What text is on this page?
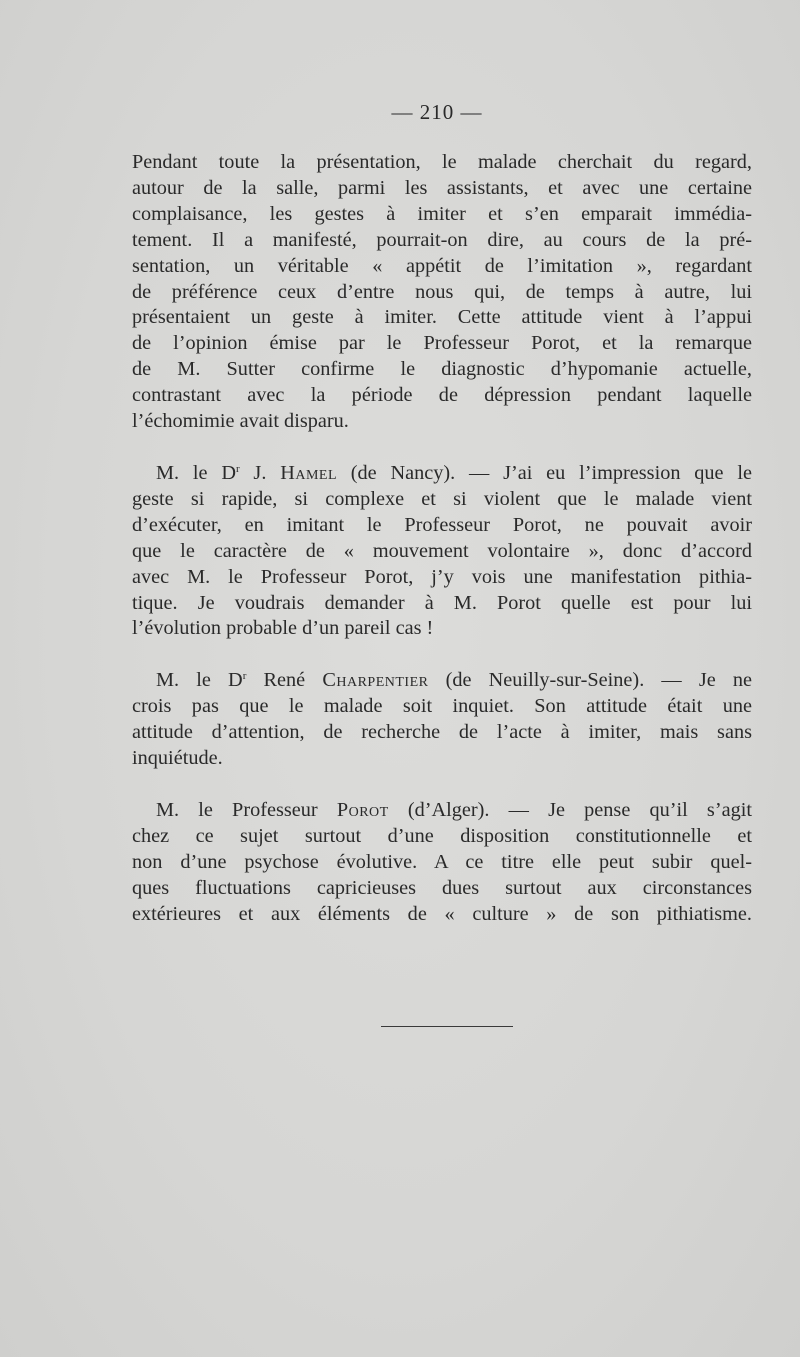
— 210 —

Pendant toute la présentation, le malade cherchait du regard,
autour de la salle, parmi les assistants, et avec une certaine
complaisance, les gestes à imiter et s’en emparait immédia-
tement. Il a manifesté, pourrait-on dire, au cours de la pré-
sentation, un véritable « appétit de l’imitation », regardant
de préférence ceux d’entre nous qui, de temps à autre, lui
présentaient un geste à imiter. Cette attitude vient à l’appui
de l’opinion émise par le Professeur Porot, et la remarque
de M. Sutter confirme le diagnostic d’hypomanie actuelle,
contrastant avec la période de dépression pendant laquelle
l’échomimie avait disparu.

M. le $D^r$ J. Hamel (de Nancy). — J’ai eu l’impression que le
geste si rapide, si complexe et si violent que le malade vient
d’exécuter, en imitant le Professeur Porot, ne pouvait avoir
que le caractère de « mouvement volontaire », donc d’accord
avec M. le Professeur Porot, j’y vois une manifestation pithia-
tique. Je voudrais demander à M. Porot quelle est pour lui
l’évolution probable d’un pareil cas !

M. le $D^r$ René Charpentier (de Neuilly-sur-Seine). — Je ne
crois pas que le malade soit inquiet. Son attitude était une
attitude d’attention, de recherche de l’acte à imiter, mais sans
inquiétude.

M. le Professeur Porot (d’Alger). — Je pense qu’il s’agit
chez ce sujet surtout d’une disposition constitutionnelle et
non d’une psychose évolutive. A ce titre elle peut subir quel-
ques fluctuations capricieuses dues surtout aux circonstances
extérieures et aux éléments de « culture » de son pithiatisme.
